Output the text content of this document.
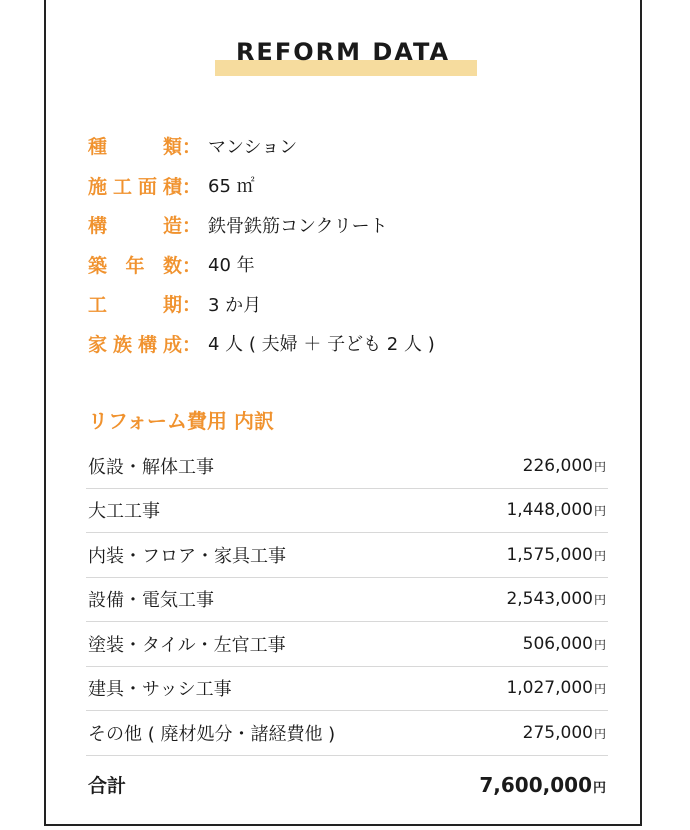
REFORM DATA
種　　類 ： マンション
施工面積 ： 65 ㎡
構　　造 ： 鉄骨鉄筋コンクリート
築 年 数 ： 40 年
工　　期 ： 3 か月
家族構成 ： 4 人 ( 夫婦 ＋ 子ども 2 人 )
リフォーム費用 内訳
仮設・解体工事	226,000円
大工工事	1,448,000円
内装・フロア・家具工事	1,575,000円
設備・電気工事	2,543,000円
塗装・タイル・左官工事	506,000円
建具・サッシ工事	1,027,000円
その他 ( 廃材処分・諸経費他 )	275,000円
合計	7,600,000円
